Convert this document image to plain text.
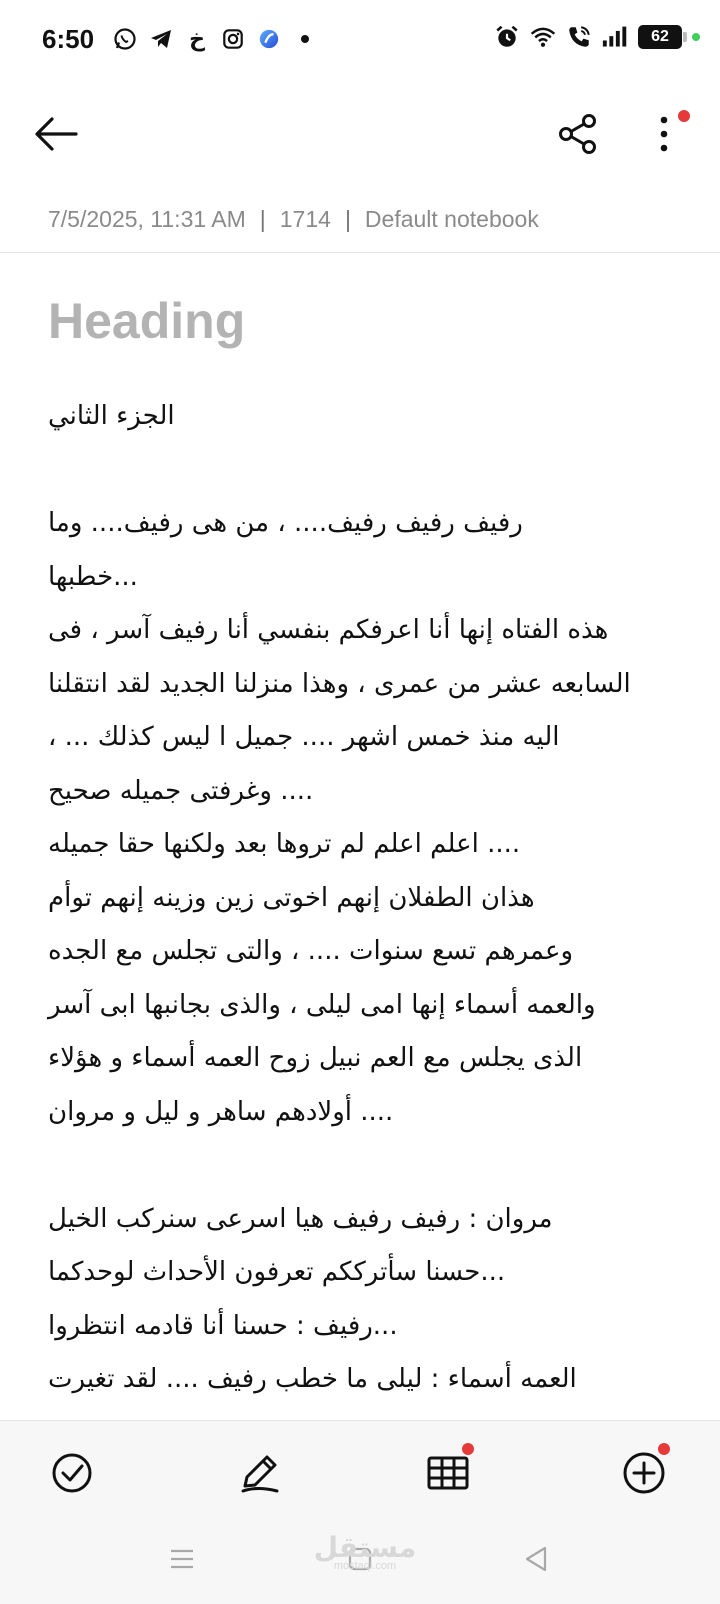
6:50	خ	62
7/5/2025, 11:31 AM | 1714 | Default notebook
Heading
الجزء الثاني
رفيف رفيف رفيف.... ، من هى رفيف.... وما
...خطبها
هذه الفتاه إنها أنا اعرفكم بنفسي أنا رفيف آسر ، فى
السابعه عشر من عمرى ، وهذا منزلنا الجديد لقد انتقلنا
اليه منذ خمس اشهر .... جميل ا ليس كذلك ... ،
.... وغرفتى جميله صحيح
.... اعلم اعلم لم تروها بعد ولكنها حقا جميله
هذان الطفلان إنهم اخوتى زين وزينه إنهم توأم
وعمرهم تسع سنوات .... ، والتى تجلس مع الجده
والعمه أسماء إنها امى ليلى ، والذى بجانبها ابى آسر
الذى يجلس مع العم نبيل زوح العمه أسماء و هؤلاء
.... أولادهم ساهر و ليل و مروان
مروان : رفيف رفيف هيا اسرعى سنركب الخيل
...حسنا سأترككم تعرفون الأحداث لوحدكما
...رفيف : حسنا أنا قادمه انتظروا
العمه أسماء : ليلى ما خطب رفيف .... لقد تغيرت
مستقل
mostaql.com
